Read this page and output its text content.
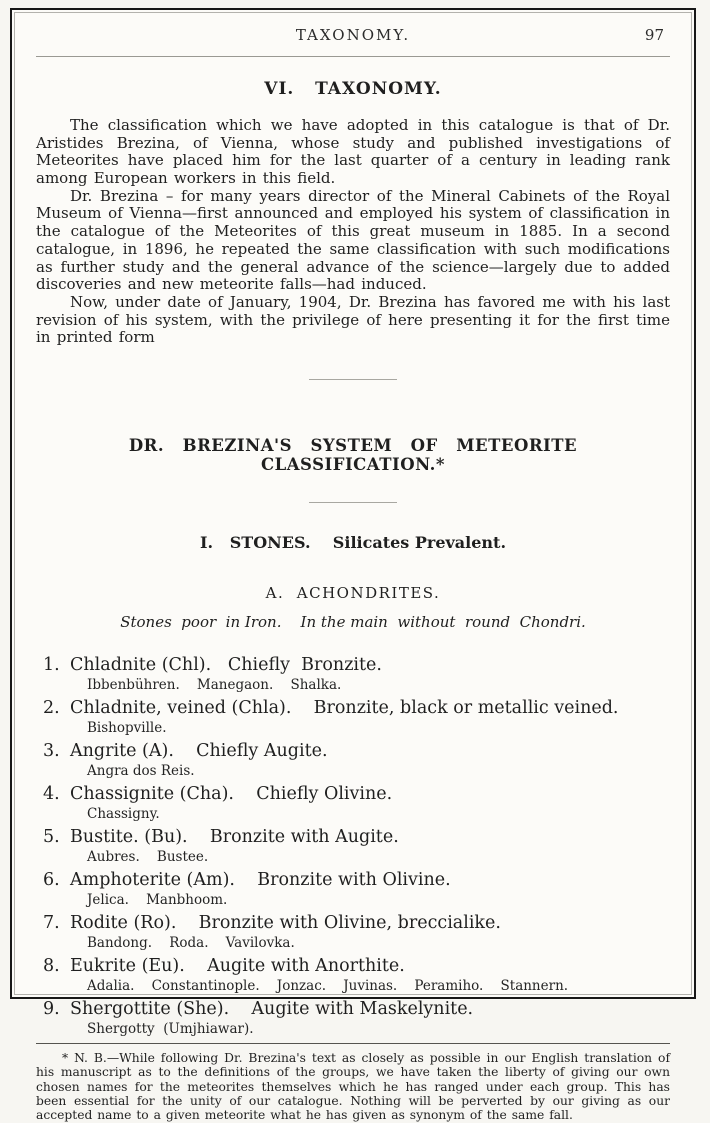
TAXONOMY.	97
VI.   TAXONOMY.

The classification which we have adopted in this catalogue is that of Dr. Aristides Brezina, of Vienna, whose study and published investigations of Meteorites have placed him for the last quarter of a century in leading rank among European workers in this field.

Dr. Brezina – for many years director of the Mineral Cabinets of the Royal Museum of Vienna—first announced and employed his system of classification in the catalogue of the Meteorites of this great museum in 1885. In a second catalogue, in 1896, he repeated the same classification with such modifications as further study and the general advance of the science—largely due to added discoveries and new meteorite falls—had induced.

Now, under date of January, 1904, Dr. Brezina has favored me with his last revision of his system, with the privilege of here presenting it for the first time in printed form

DR.  BREZINA'S  SYSTEM  OF  METEORITE  CLASSIFICATION.*
I.   STONES.    Silicates Prevalent.
A.  ACHONDRITES.
Stones  poor  in Iron.    In the main  without  round  Chondri.
1. Chladnite (Chl).   Chiefly  Bronzite.
Ibbenbühren.    Manegaon.    Shalka.
2. Chladnite, veined (Chla).    Bronzite, black or metallic veined.
Bishopville.
3. Angrite (A).    Chiefly Augite.
Angra dos Reis.
4. Chassignite (Cha).    Chiefly Olivine.
Chassigny.
5. Bustite. (Bu).    Bronzite with Augite.
Aubres.    Bustee.
6. Amphoterite (Am).    Bronzite with Olivine.
Jelica.    Manbhoom.
7. Rodite (Ro).    Bronzite with Olivine, breccialike.
Bandong.    Roda.    Vavilovka.
8. Eukrite (Eu).    Augite with Anorthite.
Adalia.    Constantinople.    Jonzac.    Juvinas.    Peramiho.    Stannern.
9. Shergottite (She).    Augite with Maskelynite.
Shergotty  (Umjhiawar).

* N. B.—While following Dr. Brezina's text as closely as possible in our English translation of his manuscript as to the definitions of the groups, we have taken the liberty of giving our own chosen names for the meteorites themselves which he has ranged under each group. This has been essential for the unity of our catalogue. Nothing will be perverted by our giving as our accepted name to a given meteorite what he has given as synonym of the same fall.
